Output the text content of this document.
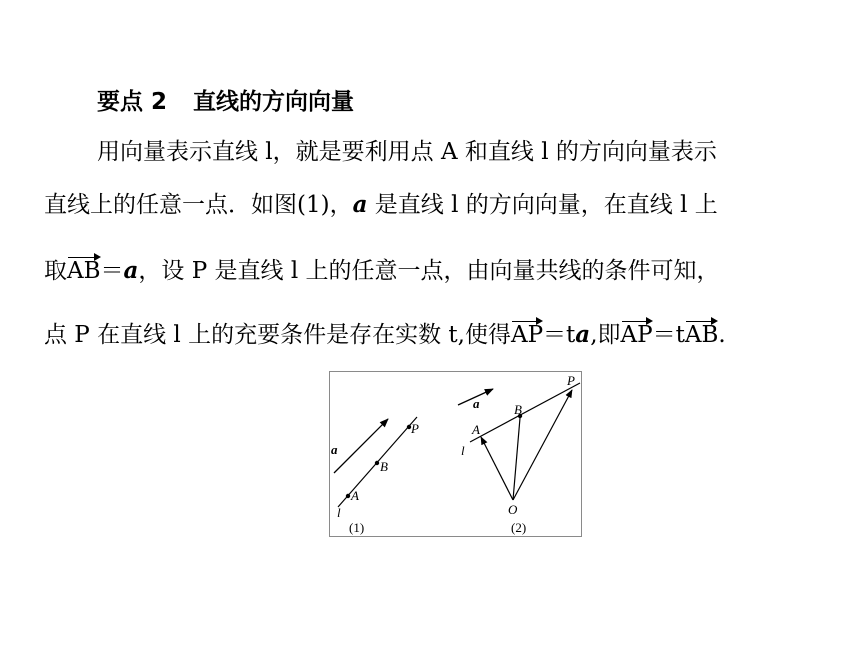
要点 2 直线的方向向量
用向量表示直线 l，就是要利用点 A 和直线 l 的方向向量表示
直线上的任意一点．如图(1)，a 是直线 l 的方向向量，在直线 l 上
取AB＝a，设 P 是直线 l 上的任意一点，由向量共线的条件可知，
点 P 在直线 l 上的充要条件是存在实数 t,使得AP＝ta,即AP＝tAB.
a
A
B
P
l
(1)
a
A
B
P
O
l
(2)
